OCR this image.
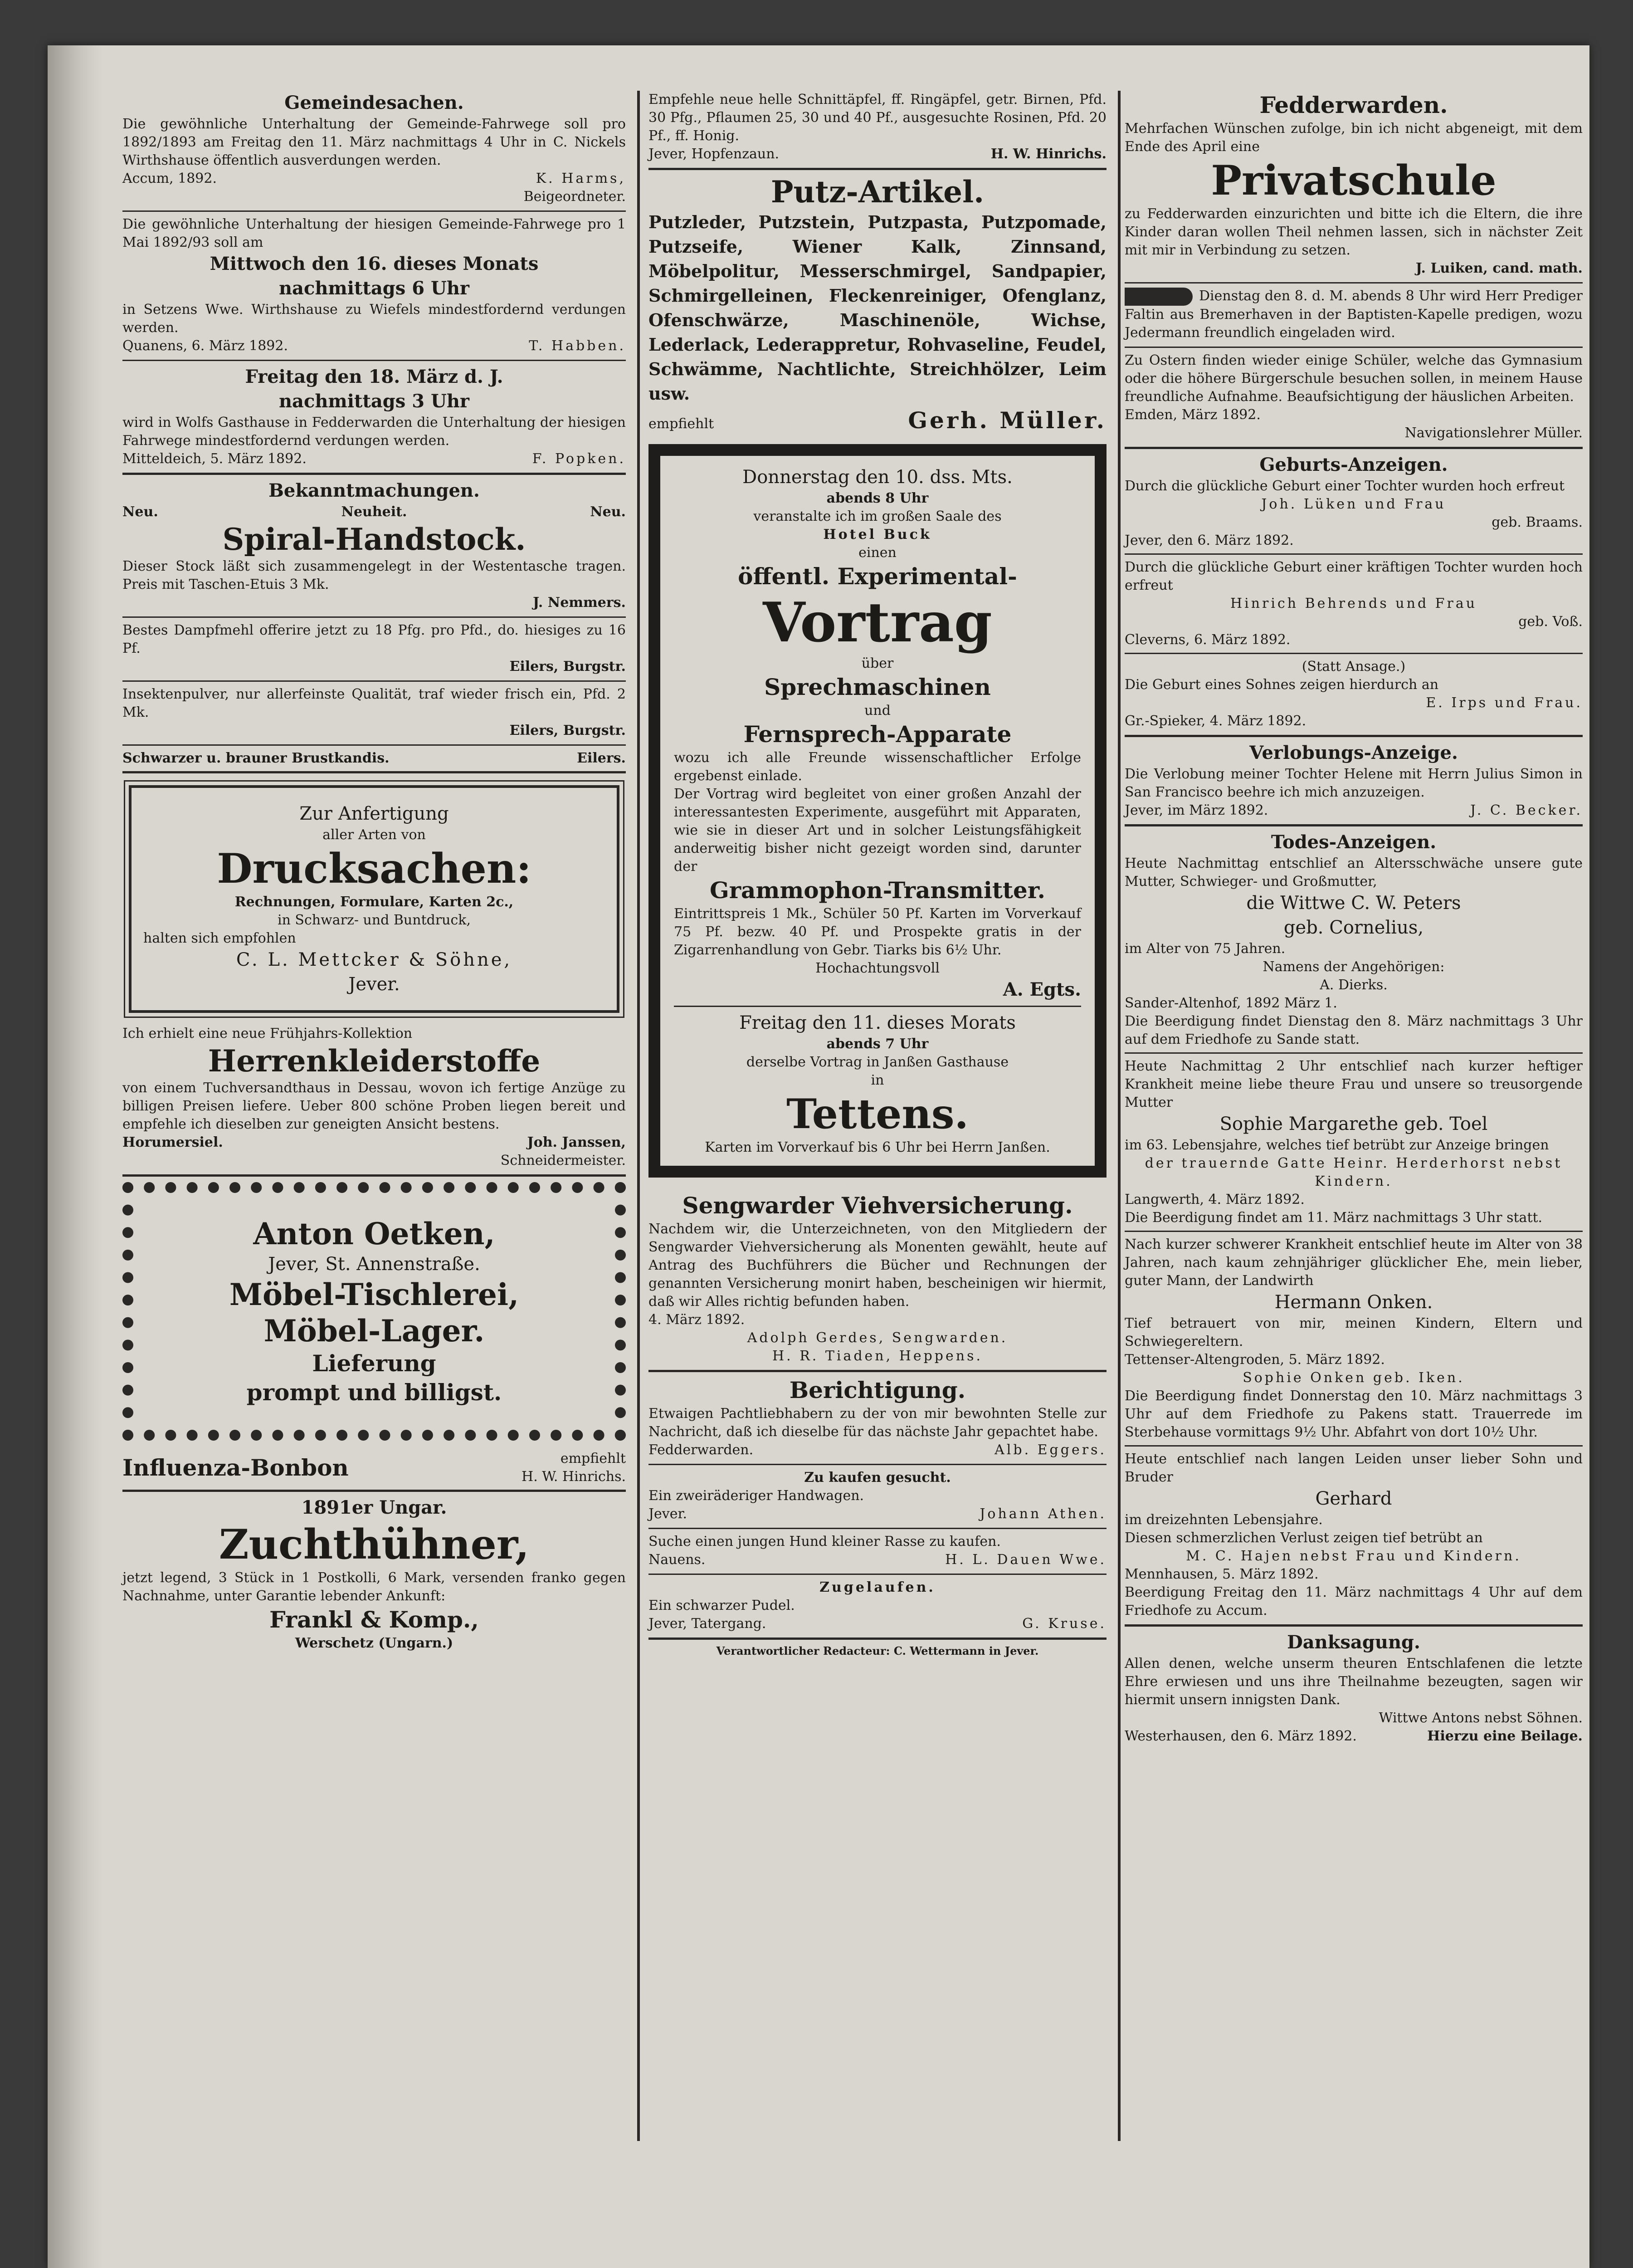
Gemeindesachen.

Die gewöhnliche Unterhaltung der Gemeinde-Fahrwege soll pro 1892/1893 am Freitag den 11. März nachmittags 4 Uhr in C. Nickels Wirthshause öffentlich ausverdungen werden.

Accum, 1892.	K. Harms,
Beigeordneter.

Die gewöhnliche Unterhaltung der hiesigen Gemeinde-Fahrwege pro 1 Mai 1892/93 soll am

Mittwoch den 16. dieses Monats
nachmittags 6 Uhr

in Setzens Wwe. Wirthshause zu Wiefels mindestfordernd verdungen werden.

Quanens, 6. März 1892.	T. Habben.
Freitag den 18. März d. J.
nachmittags 3 Uhr

wird in Wolfs Gasthause in Fedderwarden die Unterhaltung der hiesigen Fahrwege mindestfordernd verdungen werden.

Mitteldeich, 5. März 1892.	F. Popken.
Bekanntmachungen.
Neu.	Neuheit.	Neu.
Spiral-Handstock.

Dieser Stock läßt sich zusammengelegt in der Westentasche tragen. Preis mit Taschen-Etuis 3 Mk.

J. Nemmers.

Bestes Dampfmehl offerire jetzt zu 18 Pfg. pro Pfd., do. hiesiges zu 16 Pf.

Eilers, Burgstr.

Insektenpulver, nur allerfeinste Qualität, traf wieder frisch ein, Pfd. 2 Mk.

Eilers, Burgstr.
Schwarzer u. brauner Brustkandis.	Eilers.
Zur Anfertigung
aller Arten von
Drucksachen:
Rechnungen, Formulare, Karten 2c.,
in Schwarz- und Buntdruck,
halten sich empfohlen
C. L. Mettcker & Söhne,
Jever.

Ich erhielt eine neue Frühjahrs-Kollektion

Herrenkleiderstoffe

von einem Tuchversandthaus in Dessau, wovon ich fertige Anzüge zu billigen Preisen liefere. Ueber 800 schöne Proben liegen bereit und empfehle ich dieselben zur geneigten Ansicht bestens.

Horumersiel.	Joh. Janssen,
Schneidermeister.
Anton Oetken,
Jever, St. Annenstraße.
Möbel-Tischlerei,
Möbel-Lager.
Lieferung
prompt und billigst.
Influenza-Bonbon	empfiehlt
H. W. Hinrichs.
1891er Ungar.
Zuchthühner,

jetzt legend, 3 Stück in 1 Postkolli, 6 Mark, versenden franko gegen Nachnahme, unter Garantie lebender Ankunft:

Frankl & Komp.,
Werschetz (Ungarn.)

Empfehle neue helle Schnittäpfel, ff. Ringäpfel, getr. Birnen, Pfd. 30 Pfg., Pflaumen 25, 30 und 40 Pf., ausgesuchte Rosinen, Pfd. 20 Pf., ff. Honig.

Jever, Hopfenzaun.	H. W. Hinrichs.
Putz-Artikel.

Putzleder, Putzstein, Putzpasta, Putzpomade, Putzseife, Wiener Kalk, Zinnsand, Möbelpolitur, Messerschmirgel, Sandpapier, Schmirgelleinen, Fleckenreiniger, Ofenglanz, Ofenschwärze, Maschinenöle, Wichse, Lederlack, Lederappretur, Rohvaseline, Feudel, Schwämme, Nachtlichte, Streichhölzer, Leim usw.

empfiehlt	Gerh. Müller.
Donnerstag den 10. dss. Mts.
abends 8 Uhr
veranstalte ich im großen Saale des
Hotel Buck
einen
öffentl. Experimental-
Vortrag
über
Sprechmaschinen
und
Fernsprech-Apparate

wozu ich alle Freunde wissenschaftlicher Erfolge ergebenst einlade.

Der Vortrag wird begleitet von einer großen Anzahl der interessantesten Experimente, ausgeführt mit Apparaten, wie sie in dieser Art und in solcher Leistungsfähigkeit anderweitig bisher nicht gezeigt worden sind, darunter der

Grammophon-Transmitter.

Eintrittspreis 1 Mk., Schüler 50 Pf. Karten im Vorverkauf 75 Pf. bezw. 40 Pf. und Prospekte gratis in der Zigarrenhandlung von Gebr. Tiarks bis 6½ Uhr.

Hochachtungsvoll
A. Egts.
Freitag den 11. dieses Morats
abends 7 Uhr
derselbe Vortrag in Janßen Gasthause
in
Tettens.

Karten im Vorverkauf bis 6 Uhr bei Herrn Janßen.

Sengwarder Viehversicherung.

Nachdem wir, die Unterzeichneten, von den Mitgliedern der Sengwarder Viehversicherung als Monenten gewählt, heute auf Antrag des Buchführers die Bücher und Rechnungen der genannten Versicherung monirt haben, bescheinigen wir hiermit, daß wir Alles richtig befunden haben.

4. März 1892.
Adolph Gerdes, Sengwarden.
H. R. Tiaden, Heppens.
Berichtigung.

Etwaigen Pachtliebhabern zu der von mir bewohnten Stelle zur Nachricht, daß ich dieselbe für das nächste Jahr gepachtet habe.

Fedderwarden.	Alb. Eggers.
Zu kaufen gesucht.

Ein zweiräderiger Handwagen.

Jever.	Johann Athen.

Suche einen jungen Hund kleiner Rasse zu kaufen.

Nauens.	H. L. Dauen Wwe.
Zugelaufen.

Ein schwarzer Pudel.

Jever, Tatergang.	G. Kruse.
Verantwortlicher Redacteur: C. Wettermann in Jever.
Fedderwarden.

Mehrfachen Wünschen zufolge, bin ich nicht abgeneigt, mit dem Ende des April eine

Privatschule

zu Fedderwarden einzurichten und bitte ich die Eltern, die ihre Kinder daran wollen Theil nehmen lassen, sich in nächster Zeit mit mir in Verbindung zu setzen.

J. Luiken, cand. math.

Dienstag den 8. d. M. abends 8 Uhr wird Herr Prediger Faltin aus Bremerhaven in der Baptisten-Kapelle predigen, wozu Jedermann freundlich eingeladen wird.

Zu Ostern finden wieder einige Schüler, welche das Gymnasium oder die höhere Bürgerschule besuchen sollen, in meinem Hause freundliche Aufnahme. Beaufsichtigung der häuslichen Arbeiten.

Emden, März 1892.
Navigationslehrer Müller.
Geburts-Anzeigen.

Durch die glückliche Geburt einer Tochter wurden hoch erfreut

Joh. Lüken und Frau
geb. Braams.
Jever, den 6. März 1892.

Durch die glückliche Geburt einer kräftigen Tochter wurden hoch erfreut

Hinrich Behrends und Frau
geb. Voß.
Cleverns, 6. März 1892.
(Statt Ansage.)

Die Geburt eines Sohnes zeigen hierdurch an

E. Irps und Frau.
Gr.-Spieker, 4. März 1892.
Verlobungs-Anzeige.

Die Verlobung meiner Tochter Helene mit Herrn Julius Simon in San Francisco beehre ich mich anzuzeigen.

Jever, im März 1892.	J. C. Becker.
Todes-Anzeigen.

Heute Nachmittag entschlief an Altersschwäche unsere gute Mutter, Schwieger- und Großmutter,

die Wittwe C. W. Peters
geb. Cornelius,
im Alter von 75 Jahren.
Namens der Angehörigen:
A. Dierks.
Sander-Altenhof, 1892 März 1.

Die Beerdigung findet Dienstag den 8. März nachmittags 3 Uhr auf dem Friedhofe zu Sande statt.

Heute Nachmittag 2 Uhr entschlief nach kurzer heftiger Krankheit meine liebe theure Frau und unsere so treusorgende Mutter

Sophie Margarethe geb. Toel

im 63. Lebensjahre, welches tief betrübt zur Anzeige bringen

der trauernde Gatte Heinr. Herderhorst nebst Kindern.
Langwerth, 4. März 1892.

Die Beerdigung findet am 11. März nachmittags 3 Uhr statt.

Nach kurzer schwerer Krankheit entschlief heute im Alter von 38 Jahren, nach kaum zehnjähriger glücklicher Ehe, mein lieber, guter Mann, der Landwirth

Hermann Onken.

Tief betrauert von mir, meinen Kindern, Eltern und Schwiegereltern.

Tettenser-Altengroden, 5. März 1892.
Sophie Onken geb. Iken.

Die Beerdigung findet Donnerstag den 10. März nachmittags 3 Uhr auf dem Friedhofe zu Pakens statt. Trauerrede im Sterbehause vormittags 9½ Uhr. Abfahrt von dort 10½ Uhr.

Heute entschlief nach langen Leiden unser lieber Sohn und Bruder

Gerhard
im dreizehnten Lebensjahre.

Diesen schmerzlichen Verlust zeigen tief betrübt an

M. C. Hajen nebst Frau und Kindern.
Mennhausen, 5. März 1892.

Beerdigung Freitag den 11. März nachmittags 4 Uhr auf dem Friedhofe zu Accum.

Danksagung.

Allen denen, welche unserm theuren Entschlafenen die letzte Ehre erwiesen und uns ihre Theilnahme bezeugten, sagen wir hiermit unsern innigsten Dank.

Wittwe Antons nebst Söhnen.
Westerhausen, den 6. März 1892.	Hierzu eine Beilage.
